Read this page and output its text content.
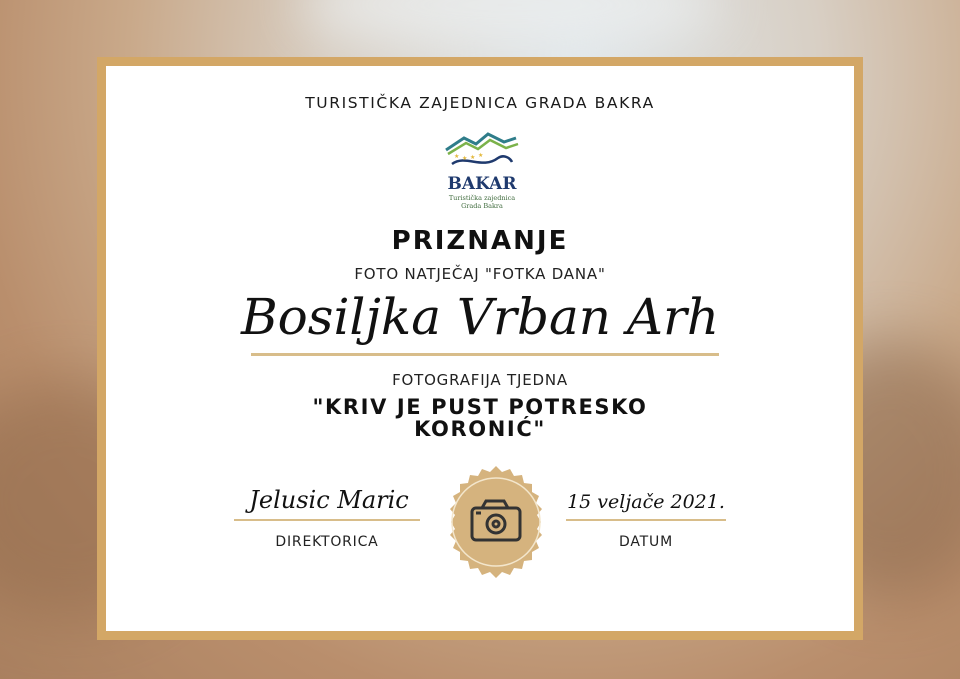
TURISTIČKA ZAJEDNICA GRADA BAKRA
★ ★ ★ ★
BAKAR
Turistička zajednica
Grada Bakra
PRIZNANJE
FOTO NATJEČAJ "FOTKA DANA"
Bosiljka Vrban Arh
FOTOGRAFIJA TJEDNA
"KRIV JE PUST POTRESKO KORONIĆ"
Jelusic Maric
DIREKTORICA
15 veljače 2021.
DATUM
